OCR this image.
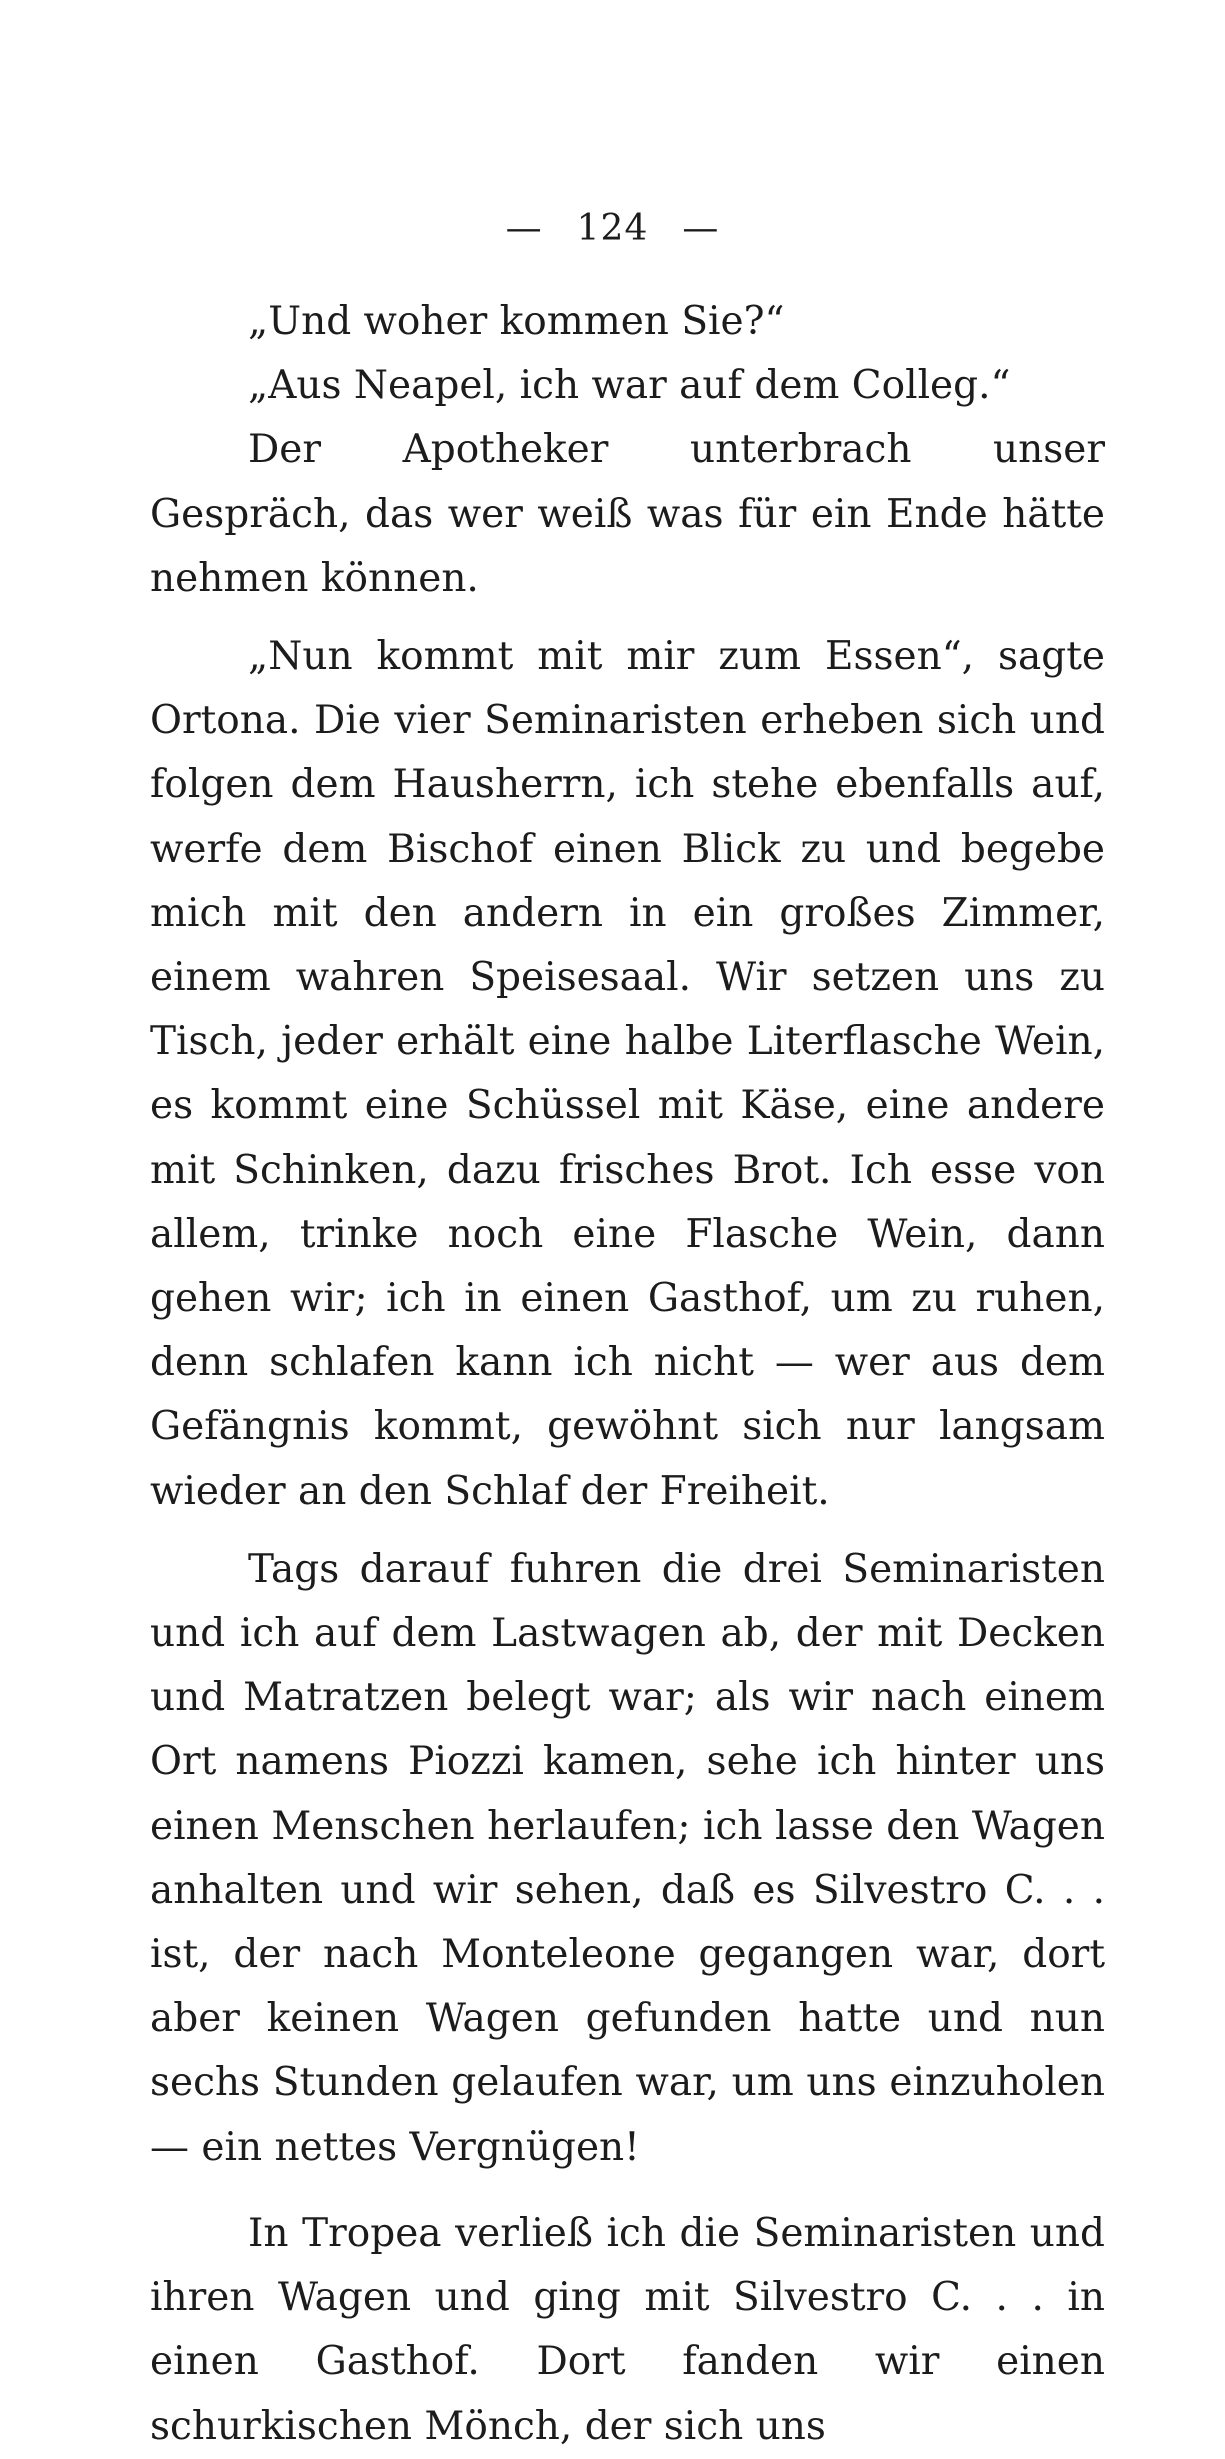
— 124 —

„Und woher kommen Sie?“

„Aus Neapel, ich war auf dem Colleg.“

Der Apotheker unterbrach unser Gespräch, das wer weiß was für ein Ende hätte nehmen können.

„Nun kommt mit mir zum Essen“, sagte Ortona. Die vier Seminaristen erheben sich und folgen dem Hausherrn, ich stehe ebenfalls auf, werfe dem Bischof einen Blick zu und begebe mich mit den andern in ein großes Zimmer, einem wahren Speisesaal. Wir setzen uns zu Tisch, jeder erhält eine halbe Literflasche Wein, es kommt eine Schüssel mit Käse, eine andere mit Schinken, dazu frisches Brot. Ich esse von allem, trinke noch eine Flasche Wein, dann gehen wir; ich in einen Gasthof, um zu ruhen, denn schlafen kann ich nicht — wer aus dem Gefängnis kommt, gewöhnt sich nur langsam wieder an den Schlaf der Freiheit.

Tags darauf fuhren die drei Seminaristen und ich auf dem Lastwagen ab, der mit Decken und Matratzen belegt war; als wir nach einem Ort namens Piozzi kamen, sehe ich hinter uns einen Menschen herlaufen; ich lasse den Wagen anhalten und wir sehen, daß es Silvestro C. . . ist, der nach Monteleone gegangen war, dort aber keinen Wagen gefunden hatte und nun sechs Stunden gelaufen war, um uns einzuholen — ein nettes Vergnügen!

In Tropea verließ ich die Seminaristen und ihren Wagen und ging mit Silvestro C. . . in einen Gasthof. Dort fanden wir einen schurkischen Mönch, der sich uns
